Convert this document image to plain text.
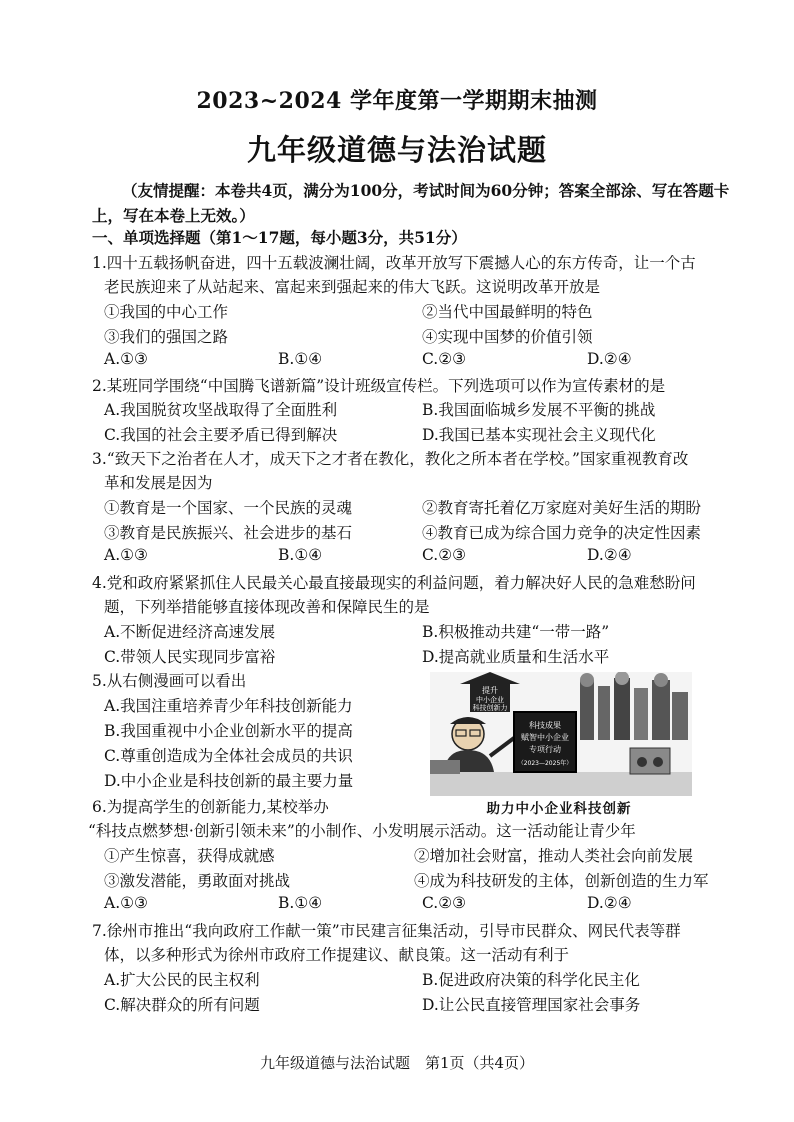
2023~2024 学年度第一学期期末抽测
九年级道德与法治试题
（友情提醒：本卷共4页，满分为100分，考试时间为60分钟；答案全部涂、写在答题卡上，写在本卷上无效。）
一、单项选择题（第1～17题，每小题3分，共51分）
1.四十五载扬帆奋进，四十五载波澜壮阔，改革开放写下震撼人心的东方传奇，让一个古
老民族迎来了从站起来、富起来到强起来的伟大飞跃。这说明改革开放是
①我国的中心工作	②当代中国最鲜明的特色
③我们的强国之路	④实现中国梦的价值引领
A.①③	B.①④	C.②③	D.②④
2.某班同学围绕“中国腾飞谱新篇”设计班级宣传栏。下列选项可以作为宣传素材的是
A.我国脱贫攻坚战取得了全面胜利	B.我国面临城乡发展不平衡的挑战
C.我国的社会主要矛盾已得到解决	D.我国已基本实现社会主义现代化
3.“致天下之治者在人才，成天下之才者在教化，教化之所本者在学校。”国家重视教育改
革和发展是因为
①教育是一个国家、一个民族的灵魂	②教育寄托着亿万家庭对美好生活的期盼
③教育是民族振兴、社会进步的基石	④教育已成为综合国力竞争的决定性因素
A.①③	B.①④	C.②③	D.②④
4.党和政府紧紧抓住人民最关心最直接最现实的利益问题，着力解决好人民的急难愁盼问
题，下列举措能够直接体现改善和保障民生的是
A.不断促进经济高速发展	B.积极推动共建“一带一路”
C.带领人民实现同步富裕	D.提高就业质量和生活水平
5.从右侧漫画可以看出
A.我国注重培养青少年科技创新能力
B.我国重视中小企业创新水平的提高
C.尊重创造成为全体社会成员的共识
D.中小企业是科技创新的最主要力量
提升
中小企业
科技创新力
科技成果
赋智中小企业
专项行动
（2023—2025年）
助力中小企业科技创新
6.为提高学生的创新能力,某校举办
“科技点燃梦想·创新引领未来”的小制作、小发明展示活动。这一活动能让青少年
①产生惊喜，获得成就感	②增加社会财富，推动人类社会向前发展
③激发潜能，勇敢面对挑战	④成为科技研发的主体，创新创造的生力军
A.①③	B.①④	C.②③	D.②④
7.徐州市推出“我向政府工作献一策”市民建言征集活动，引导市民群众、网民代表等群
体，以多种形式为徐州市政府工作提建议、献良策。这一活动有利于
A.扩大公民的民主权利	B.促进政府决策的科学化民主化
C.解决群众的所有问题	D.让公民直接管理国家社会事务
九年级道德与法治试题　第1页（共4页）
